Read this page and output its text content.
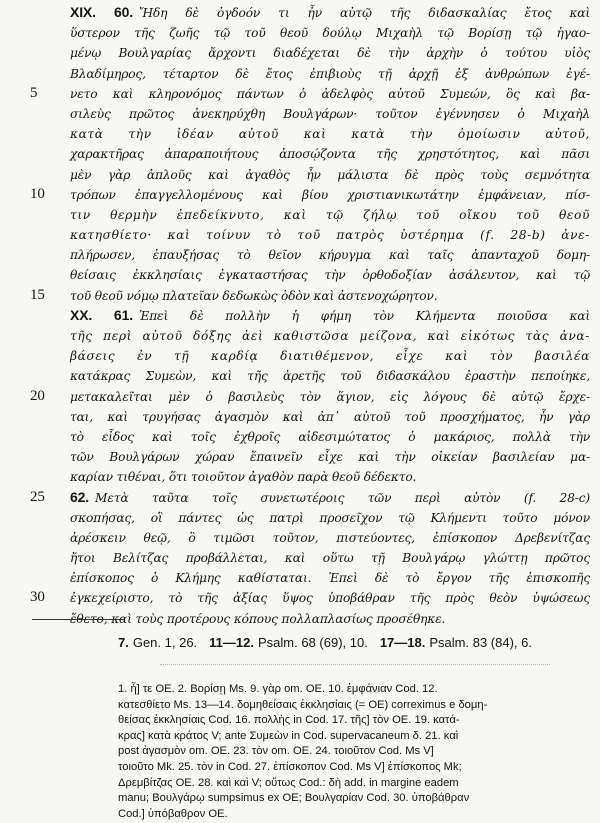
XIX. 60. Ἤδη δὲ ὀγδοόν τι ἦν αὐτῷ τῆς διδασκαλίας ἔτος καὶ
ὕστερον τῆς ζωῆς τῷ τοῦ θεοῦ δούλῳ Μιχαὴλ τῷ Βορίσῃ τῷ ἡγαο-
μένῳ Βουλγαρίας ἄρχοντι διαδέχεται δὲ τὴν ἀρχὴν ὁ τούτου υἱὸς
Βλαδίμηρος, τέταρτον δὲ ἔτος ἐπιβιοὺς τῇ ἀρχῇ ἐξ ἀνθρώπων ἐγέ-
5	νετο καὶ κληρονόμος πάντων ὁ ἀδελφὸς αὐτοῦ Συμεών, ὃς καὶ βα-
σιλεὺς πρῶτος ἀνεκηρύχθη Βουλγάρων· τοῦτον ἐγέννησεν ὁ Μιχαὴλ
κατὰ τὴν ἰδέαν αὐτοῦ καὶ κατὰ τὴν ὁμοίωσιν αὐτοῦ,
χαρακτῆρας ἀπαραποιήτους ἀποσῴζοντα τῆς χρηστότητος, καὶ πᾶσι
μὲν γὰρ ἁπλοῦς καὶ ἀγαθὸς ἦν μάλιστα δὲ πρὸς τοὺς σεμνότητα
10	τρόπων ἐπαγγελλομένους καὶ βίου χριστιανικωτάτην ἐμφάνειαν, πίσ-
τιν θερμὴν ἐπεδείκνυτο, καὶ τῷ ζήλῳ τοῦ οἴκου τοῦ θεοῦ
κατησθίετο· καὶ τοίνυν τὸ τοῦ πατρὸς ὑστέρημα (f. 28-b) ἀνε-
πλήρωσεν, ἐπαυξήσας τὸ θεῖον κήρυγμα καὶ ταῖς ἁπανταχοῦ δομη-
θείσαις ἐκκλησίαις ἐγκαταστήσας τὴν ὀρθοδοξίαν ἀσάλευτον, καὶ τῷ
15	τοῦ θεοῦ νόμῳ πλατεῖαν δεδωκὼς ὁδὸν καὶ ἀστενοχώρητον.
XX. 61. Ἐπεὶ δὲ πολλὴν ἡ φήμη τὸν Κλήμεντα ποιοῦσα καὶ
τῆς περὶ αὐτοῦ δόξης ἀεὶ καθιστῶσα μείζονα, καὶ εἰκότως τὰς ἀνα-
βάσεις ἐν τῇ καρδίᾳ διατιθέμενον, εἶχε καὶ τὸν βασιλέα
κατάκρας Συμεὼν, καὶ τῆς ἀρετῆς τοῦ διδασκάλου ἐραστὴν πεποίηκε,
20	μετακαλεῖται μὲν ὁ βασιλεὺς τὸν ἅγιον, εἰς λόγους δὲ αὐτῷ ἔρχε-
ται, καὶ τρυγήσας ἀγασμὸν καὶ ἀπ᾽ αὐτοῦ τοῦ προσχήματος, ἦν γὰρ
τὸ εἶδος καὶ τοῖς ἐχθροῖς αἰδεσιμώτατος ὁ μακάριος, πολλὰ τὴν
τῶν Βουλγάρων χώραν ἔπαινεῖν εἶχε καὶ τὴν οἰκείαν βασιλείαν μα-
καρίαν τιθέναι, ὅτι τοιοῦτον ἀγαθὸν παρὰ θεοῦ δέδεκτο.
25	62. Μετὰ ταῦτα τοῖς συνετωτέροις τῶν περὶ αὐτὸν (f. 28-c)
σκοπήσας, οἳ πάντες ὡς πατρὶ προσεῖχον τῷ Κλήμεντι τοῦτο μόνον
ἀρέσκειν θεῷ, ὃ τιμῶσι τοῦτον, πιστεύοντες, ἐπίσκοπον Δρεβενίτζας
ἤτοι Βελίτζας προβάλλεται, καὶ οὕτω τῇ Βουλγάρῳ γλώττῃ πρῶτος
ἐπίσκοπος ὁ Κλήμης καθίσταται. Ἐπεὶ δὲ τὸ ἔργον τῆς ἐπισκοπῆς
30	ἐγκεχείριστο, τὸ τῆς ἀξίας ὕψος ὑποβάθραν τῆς πρὸς θεὸν ὑψώσεως
ἔθετο, καὶ τοὺς προτέρους κόπους πολλαπλασίως προσέθηκε.
7. Gen. 1, 26. 11—12. Psalm. 68 (69), 10. 17—18. Psalm. 83 (84), 6.
1. ἦ] τε OE. 2. Βορίσῃ Ms. 9. γὰρ om. OE. 10. ἐμφάνιαν Cod. 12.
κατεσθίετο Ms. 13—14. δομηθείσαις ἐκκλησίαις (= OE) correximus e δομη-
θείσας ἐκκλησίαις Cod. 16. πολλὴς in Cod. 17. τῆς] τὸν OE. 19. κατά-
κρας] κατὰ κράτος V; ante Συμεὼν in Cod. supervacaneum δ. 21. καὶ
post ἀγασμὸν om. OE. 23. τὸν om. OE. 24. τοιοῦτον Cod. Ms V]
τοιοῦτο Mk. 25. τὸν in Cod. 27. ἐπίσκοπον Cod. Ms V] ἐπίσκοπος Mk;
Δρεμβίτζας OE. 28. καὶ καὶ V; οὕτως Cod.: δὴ add. in margine eadem
manu; Βουλγάρῳ sumpsimus ex OE; Βουλγαρίαν Cod. 30. ὑποβάθραν
Cod.] ὑπόβαθρον OE.
